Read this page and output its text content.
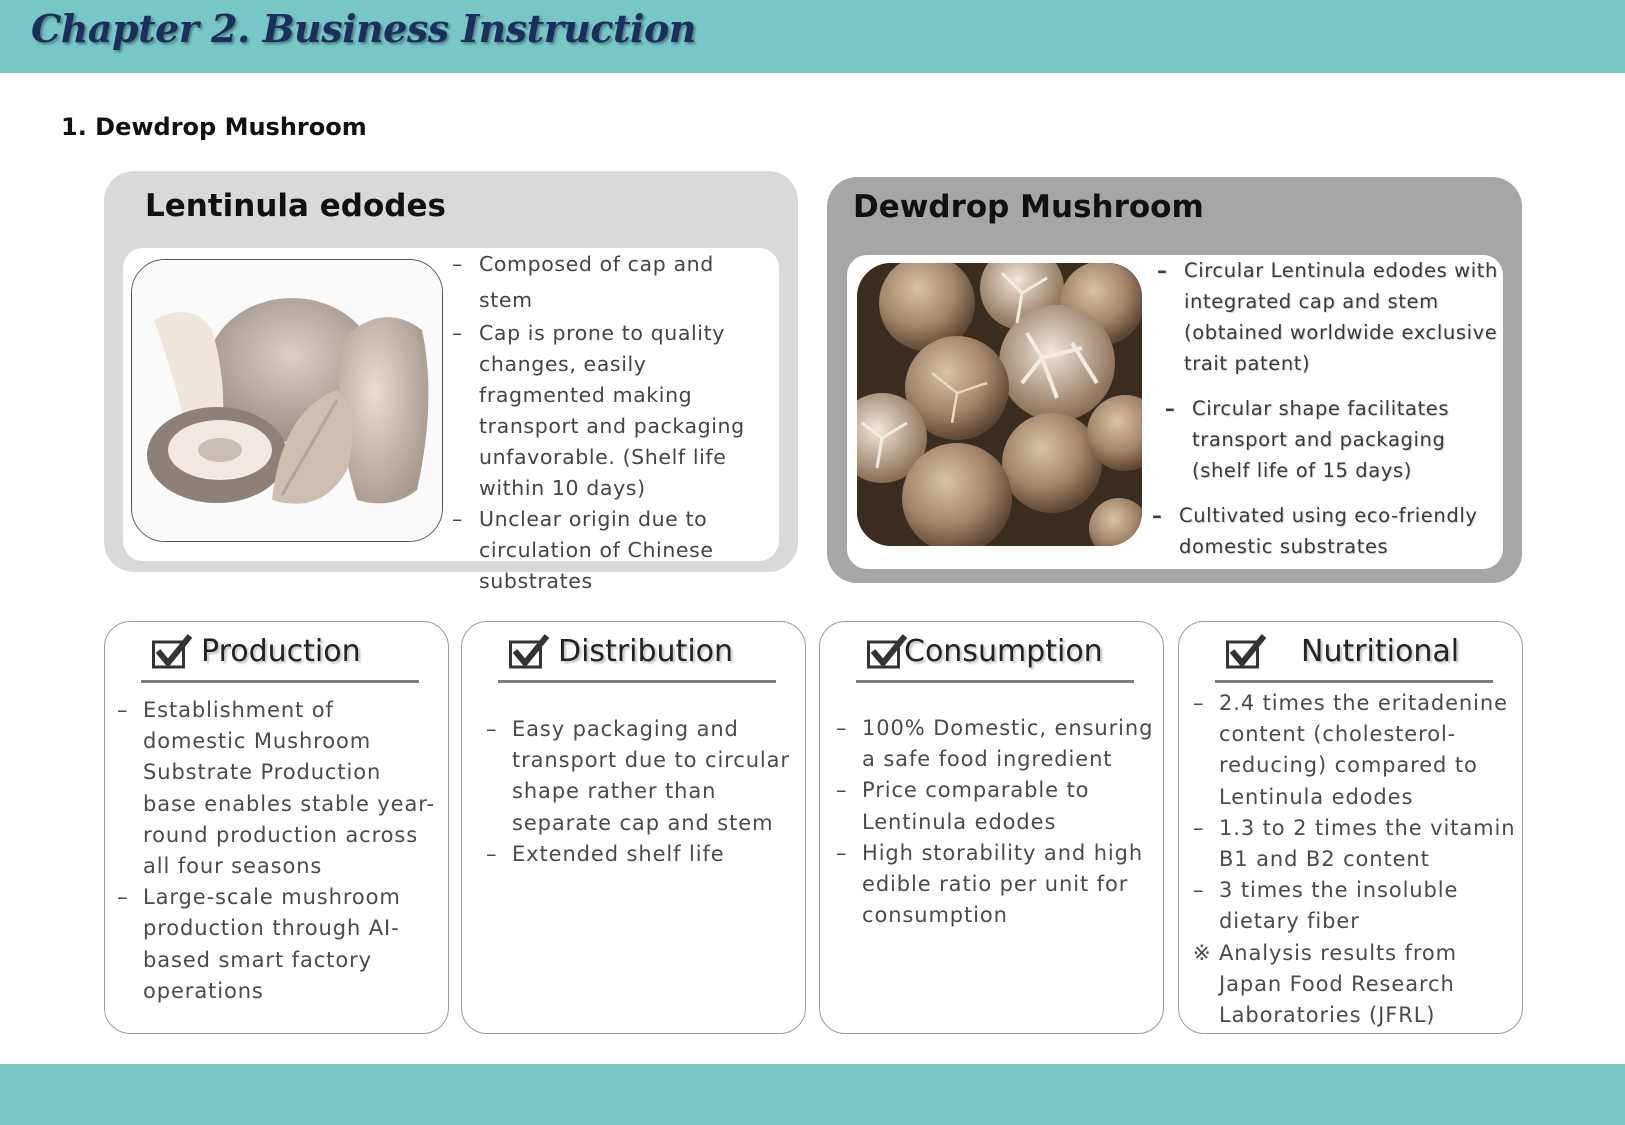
Chapter 2. Business Instruction
1. Dewdrop Mushroom
Lentinula edodes
– Composed of cap and stem
– Cap is prone to quality changes, easily fragmented making transport and packaging unfavorable. (Shelf life within 10 days)
– Unclear origin due to circulation of Chinese substrates
Dewdrop Mushroom
– Circular Lentinula edodes with integrated cap and stem (obtained worldwide exclusive trait patent)
– Circular shape facilitates transport and packaging (shelf life of 15 days)
– Cultivated using eco-friendly domestic substrates
Production
– Establishment of domestic Mushroom Substrate Production base enables stable year-round production across all four seasons
– Large-scale mushroom production through AI-based smart factory operations
Distribution
– Easy packaging and transport due to circular shape rather than separate cap and stem
– Extended shelf life
Consumption
– 100% Domestic, ensuring a safe food ingredient
– Price comparable to Lentinula edodes
– High storability and high edible ratio per unit for consumption
Nutritional
– 2.4 times the eritadenine content (cholesterol-reducing) compared to Lentinula edodes
– 1.3 to 2 times the vitamin B1 and B2 content
– 3 times the insoluble dietary fiber
※ Analysis results from Japan Food Research Laboratories (JFRL)
